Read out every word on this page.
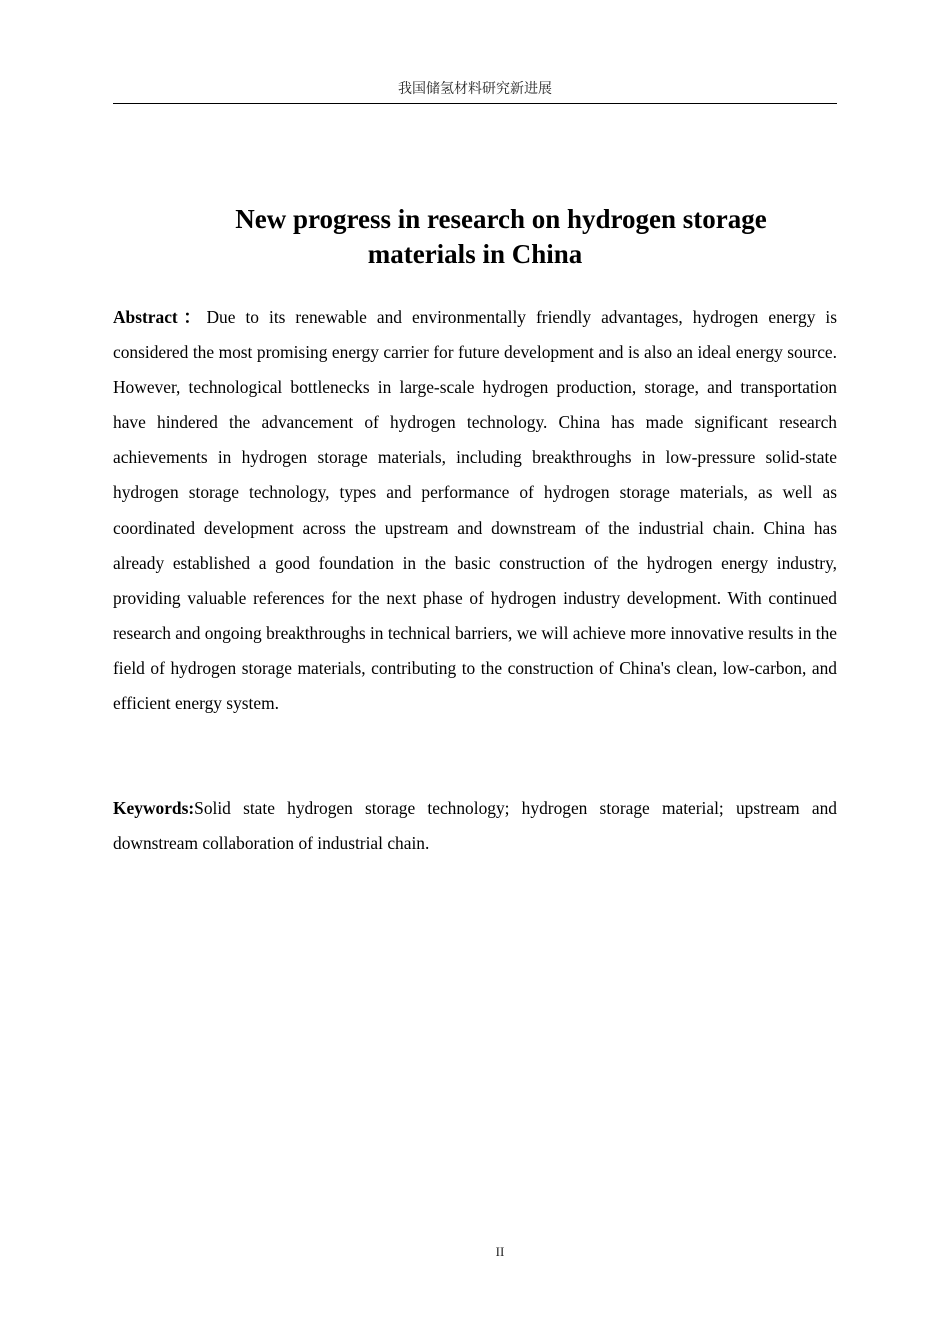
我国储氢材料研究新进展
New progress in research on hydrogen storage
materials in China

Abstract：Due to its renewable and environmentally friendly advantages, hydrogen energy is considered the most promising energy carrier for future development and is also an ideal energy source. However, technological bottlenecks in large-scale hydrogen production, storage, and transportation have hindered the advancement of hydrogen technology. China has made significant research achievements in hydrogen storage materials, including breakthroughs in low-pressure solid-state hydrogen storage technology, types and performance of hydrogen storage materials, as well as coordinated development across the upstream and downstream of the industrial chain. China has already established a good foundation in the basic construction of the hydrogen energy industry, providing valuable references for the next phase of hydrogen industry development. With continued research and ongoing breakthroughs in technical barriers, we will achieve more innovative results in the field of hydrogen storage materials, contributing to the construction of China's clean, low-carbon, and efficient energy system.

Keywords:Solid state hydrogen storage technology; hydrogen storage material; upstream and downstream collaboration of industrial chain.

II
